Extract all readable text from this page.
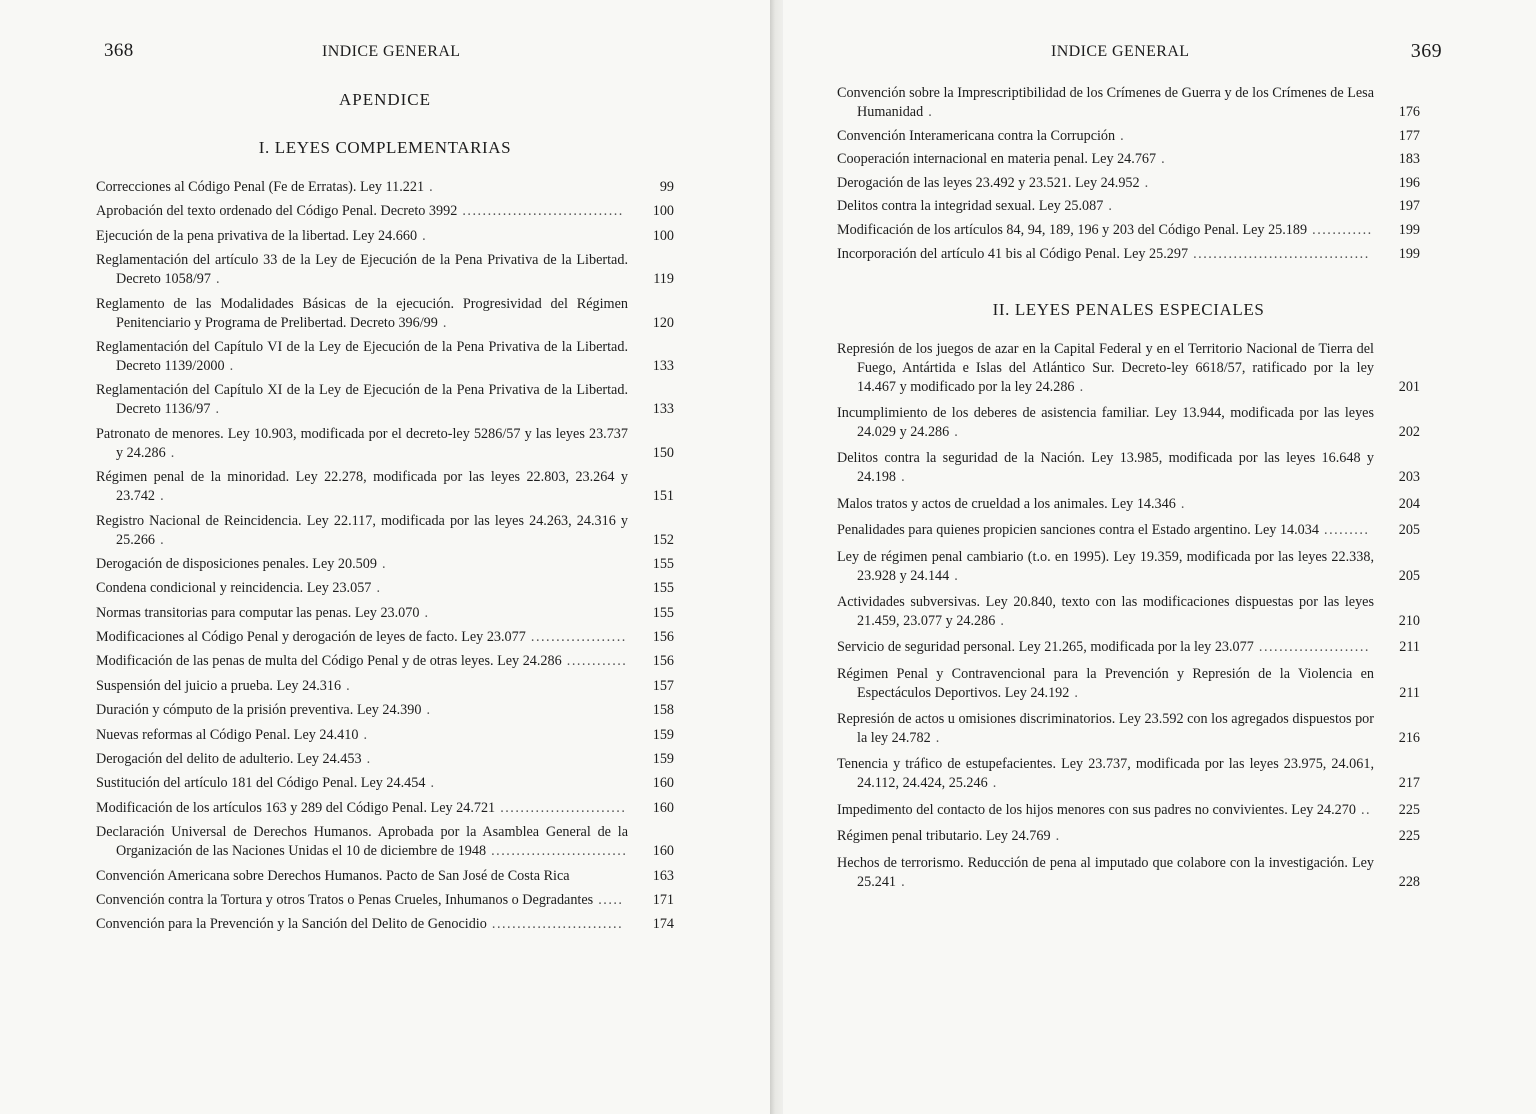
368	INDICE GENERAL
APENDICE
I. LEYES COMPLEMENTARIAS
Correcciones al Código Penal (Fe de Erratas). Ley 11.221 .	99
Aprobación del texto ordenado del Código Penal. Decreto 3992 ................................ 100
Ejecución de la pena privativa de la libertad. Ley 24.660 .	100
Reglamentación del artículo 33 de la Ley de Ejecución de la Pena Privativa de la Libertad. Decreto 1058/97 .	119
Reglamento de las Modalidades Básicas de la ejecución. Progresividad del Régimen Penitenciario y Programa de Prelibertad. Decreto 396/99 .	120
Reglamentación del Capítulo VI de la Ley de Ejecución de la Pena Privativa de la Libertad. Decreto 1139/2000 .	133
Reglamentación del Capítulo XI de la Ley de Ejecución de la Pena Privativa de la Libertad. Decreto 1136/97 .	133
Patronato de menores. Ley 10.903, modificada por el decreto-ley 5286/57 y las leyes 23.737 y 24.286 .	150
Régimen penal de la minoridad. Ley 22.278, modificada por las leyes 22.803, 23.264 y 23.742 .	151
Registro Nacional de Reincidencia. Ley 22.117, modificada por las leyes 24.263, 24.316 y 25.266 .	152
Derogación de disposiciones penales. Ley 20.509 .	155
Condena condicional y reincidencia. Ley 23.057 .	155
Normas transitorias para computar las penas. Ley 23.070 .	155
Modificaciones al Código Penal y derogación de leyes de facto. Ley 23.077 ................... 156
Modificación de las penas de multa del Código Penal y de otras leyes. Ley 24.286 ............ 156
Suspensión del juicio a prueba. Ley 24.316 .	157
Duración y cómputo de la prisión preventiva. Ley 24.390 .	158
Nuevas reformas al Código Penal. Ley 24.410 .	159
Derogación del delito de adulterio. Ley 24.453 .	159
Sustitución del artículo 181 del Código Penal. Ley 24.454 .	160
Modificación de los artículos 163 y 289 del Código Penal. Ley 24.721 ......................... 160
Declaración Universal de Derechos Humanos. Aprobada por la Asamblea General de la Organización de las Naciones Unidas el 10 de diciembre de 1948 ........................... 160
Convención Americana sobre Derechos Humanos. Pacto de San José de Costa Rica	163
Convención contra la Tortura y otros Tratos o Penas Crueles, Inhumanos o Degradantes ..... 171
Convención para la Prevención y la Sanción del Delito de Genocidio .......................... 174
INDICE GENERAL	369
Convención sobre la Imprescriptibilidad de los Crímenes de Guerra y de los Crímenes de Lesa Humanidad .	176
Convención Interamericana contra la Corrupción .	177
Cooperación internacional en materia penal. Ley 24.767 .	183
Derogación de las leyes 23.492 y 23.521. Ley 24.952 .	196
Delitos contra la integridad sexual. Ley 25.087 .	197
Modificación de los artículos 84, 94, 189, 196 y 203 del Código Penal. Ley 25.189 ............ 199
Incorporación del artículo 41 bis al Código Penal. Ley 25.297 ................................... 199
II. LEYES PENALES ESPECIALES
Represión de los juegos de azar en la Capital Federal y en el Territorio Nacional de Tierra del Fuego, Antártida e Islas del Atlántico Sur. Decreto-ley 6618/57, ratificado por la ley 14.467 y modificado por la ley 24.286 .	201
Incumplimiento de los deberes de asistencia familiar. Ley 13.944, modificada por las leyes 24.029 y 24.286 .	202
Delitos contra la seguridad de la Nación. Ley 13.985, modificada por las leyes 16.648 y 24.198 .	203
Malos tratos y actos de crueldad a los animales. Ley 14.346 .	204
Penalidades para quienes propicien sanciones contra el Estado argentino. Ley 14.034 ......... 205
Ley de régimen penal cambiario (t.o. en 1995). Ley 19.359, modificada por las leyes 22.338, 23.928 y 24.144 .	205
Actividades subversivas. Ley 20.840, texto con las modificaciones dispuestas por las leyes 21.459, 23.077 y 24.286 .	210
Servicio de seguridad personal. Ley 21.265, modificada por la ley 23.077 ...................... 211
Régimen Penal y Contravencional para la Prevención y Represión de la Violencia en Espectáculos Deportivos. Ley 24.192 .	211
Represión de actos u omisiones discriminatorios. Ley 23.592 con los agregados dispuestos por la ley 24.782 .	216
Tenencia y tráfico de estupefacientes. Ley 23.737, modificada por las leyes 23.975, 24.061, 24.112, 24.424, 25.246 .	217
Impedimento del contacto de los hijos menores con sus padres no convivientes. Ley 24.270 .. 225
Régimen penal tributario. Ley 24.769 .	225
Hechos de terrorismo. Reducción de pena al imputado que colabore con la investigación. Ley 25.241 .	228
